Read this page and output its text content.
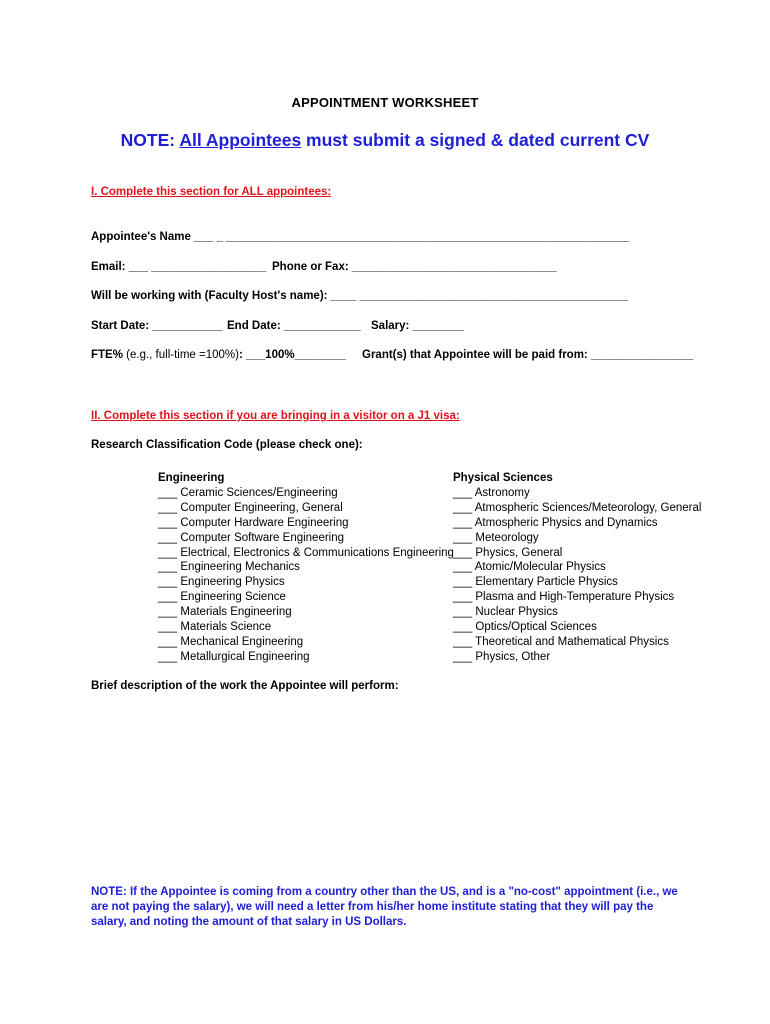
APPOINTMENT WORKSHEET
NOTE: All Appointees must submit a signed & dated current CV
I. Complete this section for ALL appointees:
Appointee's Name ___ _ _______________________________________________________________
Email: ___ __________________ Phone or Fax: ________________________________
Will be working with (Faculty Host's name): ____ __________________________________________
Start Date: ___________ End Date: ____________ Salary: ________
FTE% (e.g., full-time =100%): ___100%________ Grant(s) that Appointee will be paid from: ________________
II. Complete this section if you are bringing in a visitor on a J1 visa:
Research Classification Code (please check one):
Engineering
___ Ceramic Sciences/Engineering
___ Computer Engineering, General
___ Computer Hardware Engineering
___ Computer Software Engineering
___ Electrical, Electronics & Communications Engineering
___ Engineering Mechanics
___ Engineering Physics
___ Engineering Science
___ Materials Engineering
___ Materials Science
___ Mechanical Engineering
___ Metallurgical Engineering
Physical Sciences
___ Astronomy
___ Atmospheric Sciences/Meteorology, General
___ Atmospheric Physics and Dynamics
___ Meteorology
___ Physics, General
___ Atomic/Molecular Physics
___ Elementary Particle Physics
___ Plasma and High-Temperature Physics
___ Nuclear Physics
___ Optics/Optical Sciences
___ Theoretical and Mathematical Physics
___ Physics, Other
Brief description of the work the Appointee will perform:
NOTE: If the Appointee is coming from a country other than the US, and is a "no-cost" appointment (i.e., we are not paying the salary), we will need a letter from his/her home institute stating that they will pay the salary, and noting the amount of that salary in US Dollars.
